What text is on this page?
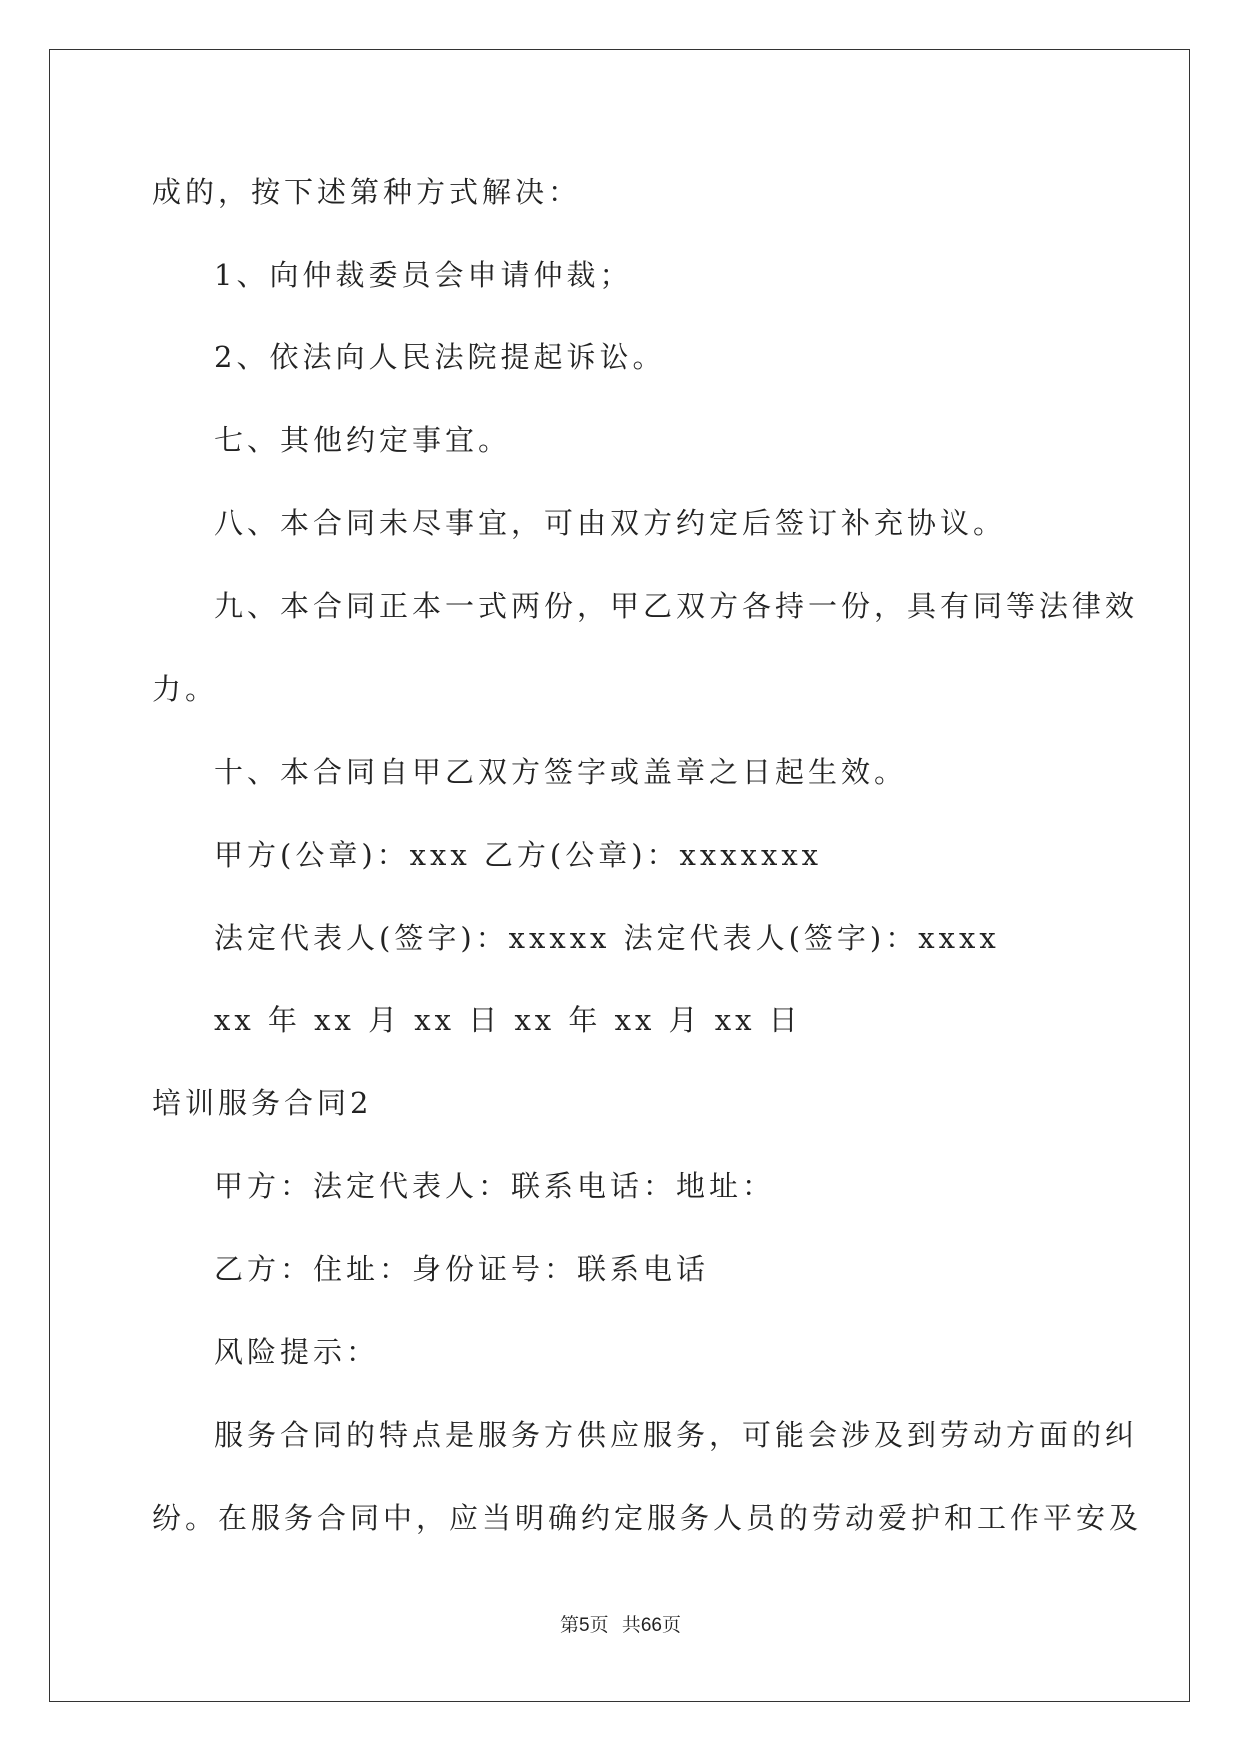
成的，按下述第种方式解决：
1、向仲裁委员会申请仲裁；
2、依法向人民法院提起诉讼。
七、其他约定事宜。
八、本合同未尽事宜，可由双方约定后签订补充协议。
九、本合同正本一式两份，甲乙双方各持一份，具有同等法律效
力。
十、本合同自甲乙双方签字或盖章之日起生效。
甲方(公章)：xxx 乙方(公章)：xxxxxxx
法定代表人(签字)：xxxxx 法定代表人(签字)：xxxx
xx 年 xx 月 xx 日 xx 年 xx 月 xx 日
培训服务合同2
甲方：法定代表人：联系电话：地址：
乙方：住址：身份证号：联系电话
风险提示：
服务合同的特点是服务方供应服务，可能会涉及到劳动方面的纠
纷。在服务合同中，应当明确约定服务人员的劳动爱护和工作平安及
第5页 共66页
